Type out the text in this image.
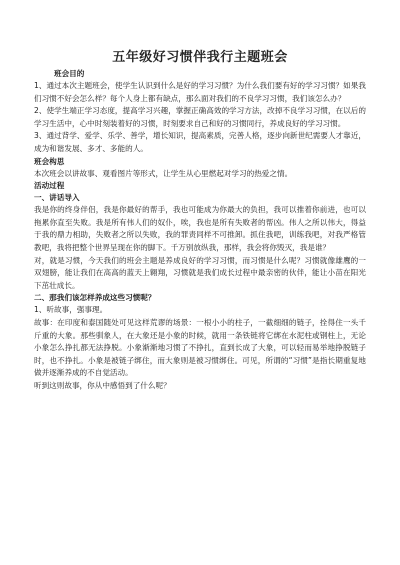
五年级好习惯伴我行主题班会
班会目的

1、通过本次主题班会，使学生认识到什么是好的学习习惯？为什么我们要有好的学习习惯？如果我们习惯不好会怎么样？每个人身上都有缺点，那么面对我们的不良学习习惯，我们该怎么办？

2、使学生端正学习态度，提高学习兴趣，掌握正确高效的学习方法，改掉不良学习习惯，在以后的学习生活中，心中时刻装着好的习惯，时刻要求自己和好的习惯同行，养成良好的学习习惯。

3、通过背学、爱学、乐学、善学，增长知识，提高素质，完善人格，逐步向新世纪需要人才靠近，成为和谐发展、多才、多能的人。

班会构思

本次班会以讲故事、观看图片等形式，让学生从心里燃起对学习的热爱之情。

活动过程
一、讲话导入

我是你的终身伴侣，我是你最好的帮手，我也可能成为你最大的负担，我可以推着你前进，也可以拖累你直至失败。我是所有伟人们的奴仆，唉，我也是所有失败者的帮凶。伟人之所以伟大，得益于我的鼎力相助，失败者之所以失败，我的罪责同样不可推卸。抓住我吧，训练我吧，对我严格管教吧，我将把整个世界呈现在你的脚下。千万别放纵我，那样，我会将你毁灭，我是谁？

对，就是习惯，今天我们的班会主题是养成良好的学习习惯，而习惯是什么呢？习惯就像雄鹰的一双翅膀，能让我们在高高的蓝天上翱翔，习惯就是我们成长过程中最亲密的伙伴，能让小苗在阳光下茁壮成长。

二、那我们该怎样养成这些习惯呢？

1、听故事，强事理。

故事：在印度和泰国随处可见这样荒谬的场景：一根小小的柱子，一截细细的链子，拴得住一头千斤重的大象。那些驯象人，在大象还是小象的时候，就用一条铁链将它绑在水泥柱或钢柱上，无论小象怎么挣扎都无法挣脱。小象渐渐地习惯了不挣扎，直到长成了大象，可以轻而易举地挣脱链子时，也不挣扎。小象是被链子绑住，而大象则是被习惯绑住。可见，所谓的“习惯”是指长期重复地做并逐渐养成的不自觉活动。

听到这则故事，你从中感悟到了什么呢？
